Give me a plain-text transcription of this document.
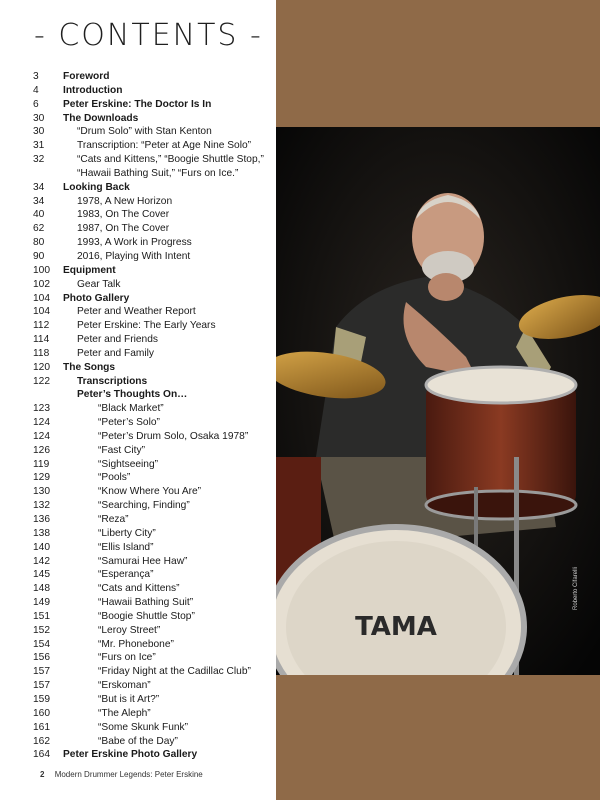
- CONTENTS -
3 Foreword
4 Introduction
6 Peter Erskine: The Doctor Is In
30 The Downloads
30	“Drum Solo” with Stan Kenton
31	Transcription: “Peter at Age Nine Solo”
32	“Cats and Kittens,” “Boogie Shuttle Stop,”
“Hawaii Bathing Suit,” “Furs on Ice.”
34 Looking Back
34	1978, A New Horizon
40	1983, On The Cover
62	1987, On The Cover
80	1993, A Work in Progress
90	2016, Playing With Intent
100 Equipment
102	Gear Talk
104 Photo Gallery
104	Peter and Weather Report
112	Peter Erskine: The Early Years
114	Peter and Friends
118	Peter and Family
120 The Songs
122	Transcriptions
Peter’s Thoughts On…
123	“Black Market”
124	“Peter’s Solo”
124	“Peter’s Drum Solo, Osaka 1978”
126	“Fast City”
119	“Sightseeing”
129	“Pools”
130	“Know Where You Are”
132	“Searching, Finding”
136	“Reza”
138	“Liberty City”
140	“Ellis Island”
142	“Samurai Hee Haw”
145	“Esperança”
148	“Cats and Kittens”
149	“Hawaii Bathing Suit”
151	“Boogie Shuttle Stop”
152	“Leroy Street”
154	“Mr. Phonebone”
156	“Furs on Ice”
157	“Friday Night at the Cadillac Club”
157	“Erskoman”
159	“But is it Art?”
160	“The Aleph”
161	“Some Skunk Funk”
162	“Babe of the Day”
164 Peter Erskine Photo Gallery
2 Modern Drummer Legends: Peter Erskine
TAMA
Roberto Cifarelli
